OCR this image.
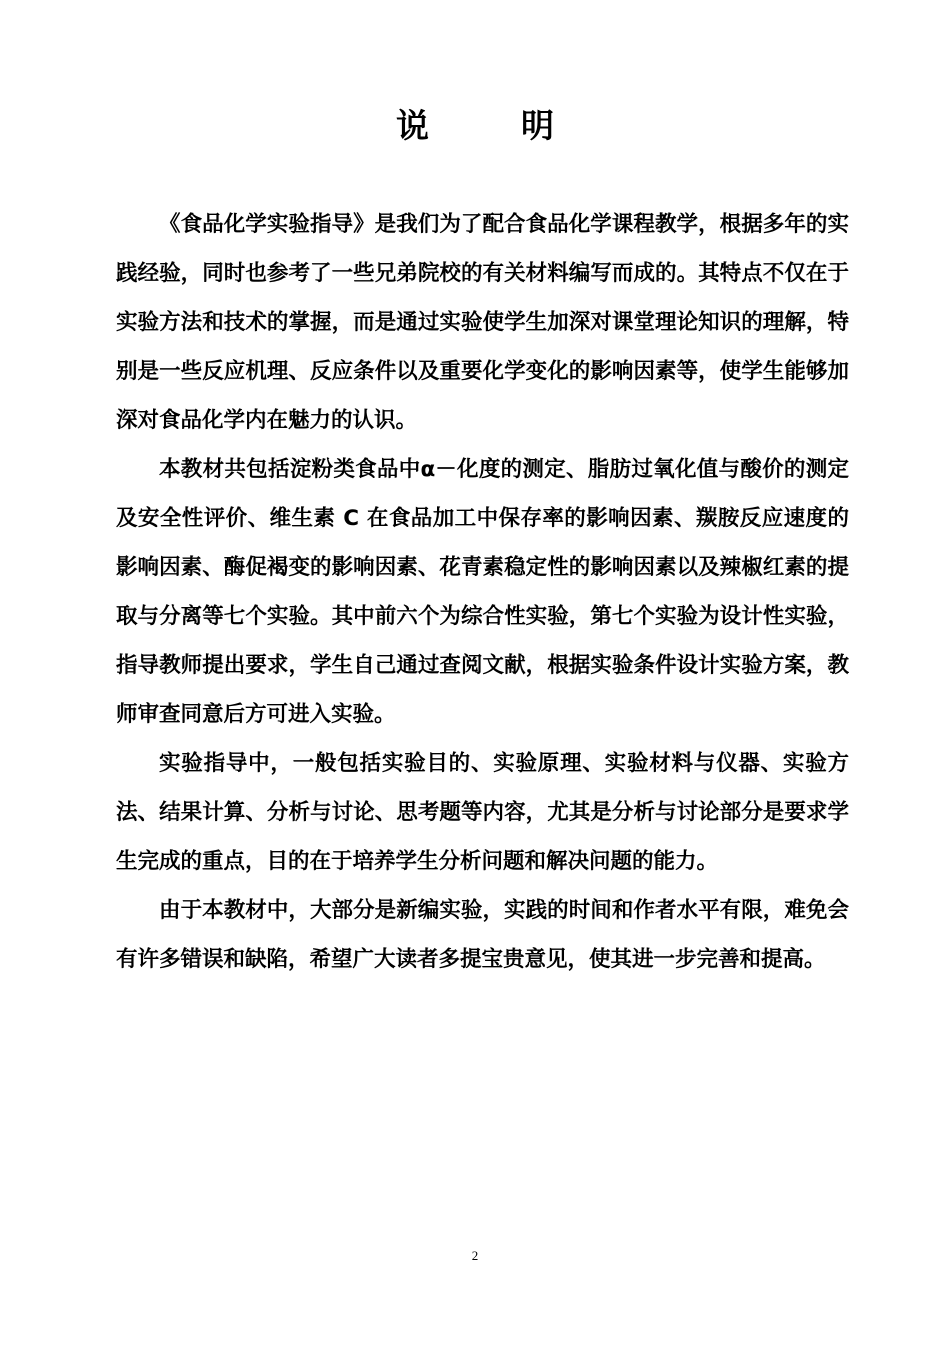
说	明

《食品化学实验指导》是我们为了配合食品化学课程教学，根据多年的实践经验，同时也参考了一些兄弟院校的有关材料编写而成的。其特点不仅在于实验方法和技术的掌握，而是通过实验使学生加深对课堂理论知识的理解，特别是一些反应机理、反应条件以及重要化学变化的影响因素等，使学生能够加深对食品化学内在魅力的认识。

本教材共包括淀粉类食品中α－化度的测定、脂肪过氧化值与酸价的测定及安全性评价、维生素 C 在食品加工中保存率的影响因素、羰胺反应速度的影响因素、酶促褐变的影响因素、花青素稳定性的影响因素以及辣椒红素的提取与分离等七个实验。其中前六个为综合性实验，第七个实验为设计性实验，指导教师提出要求，学生自己通过查阅文献，根据实验条件设计实验方案，教师审查同意后方可进入实验。

实验指导中，一般包括实验目的、实验原理、实验材料与仪器、实验方法、结果计算、分析与讨论、思考题等内容，尤其是分析与讨论部分是要求学生完成的重点，目的在于培养学生分析问题和解决问题的能力。

由于本教材中，大部分是新编实验，实践的时间和作者水平有限，难免会有许多错误和缺陷，希望广大读者多提宝贵意见，使其进一步完善和提高。

2
